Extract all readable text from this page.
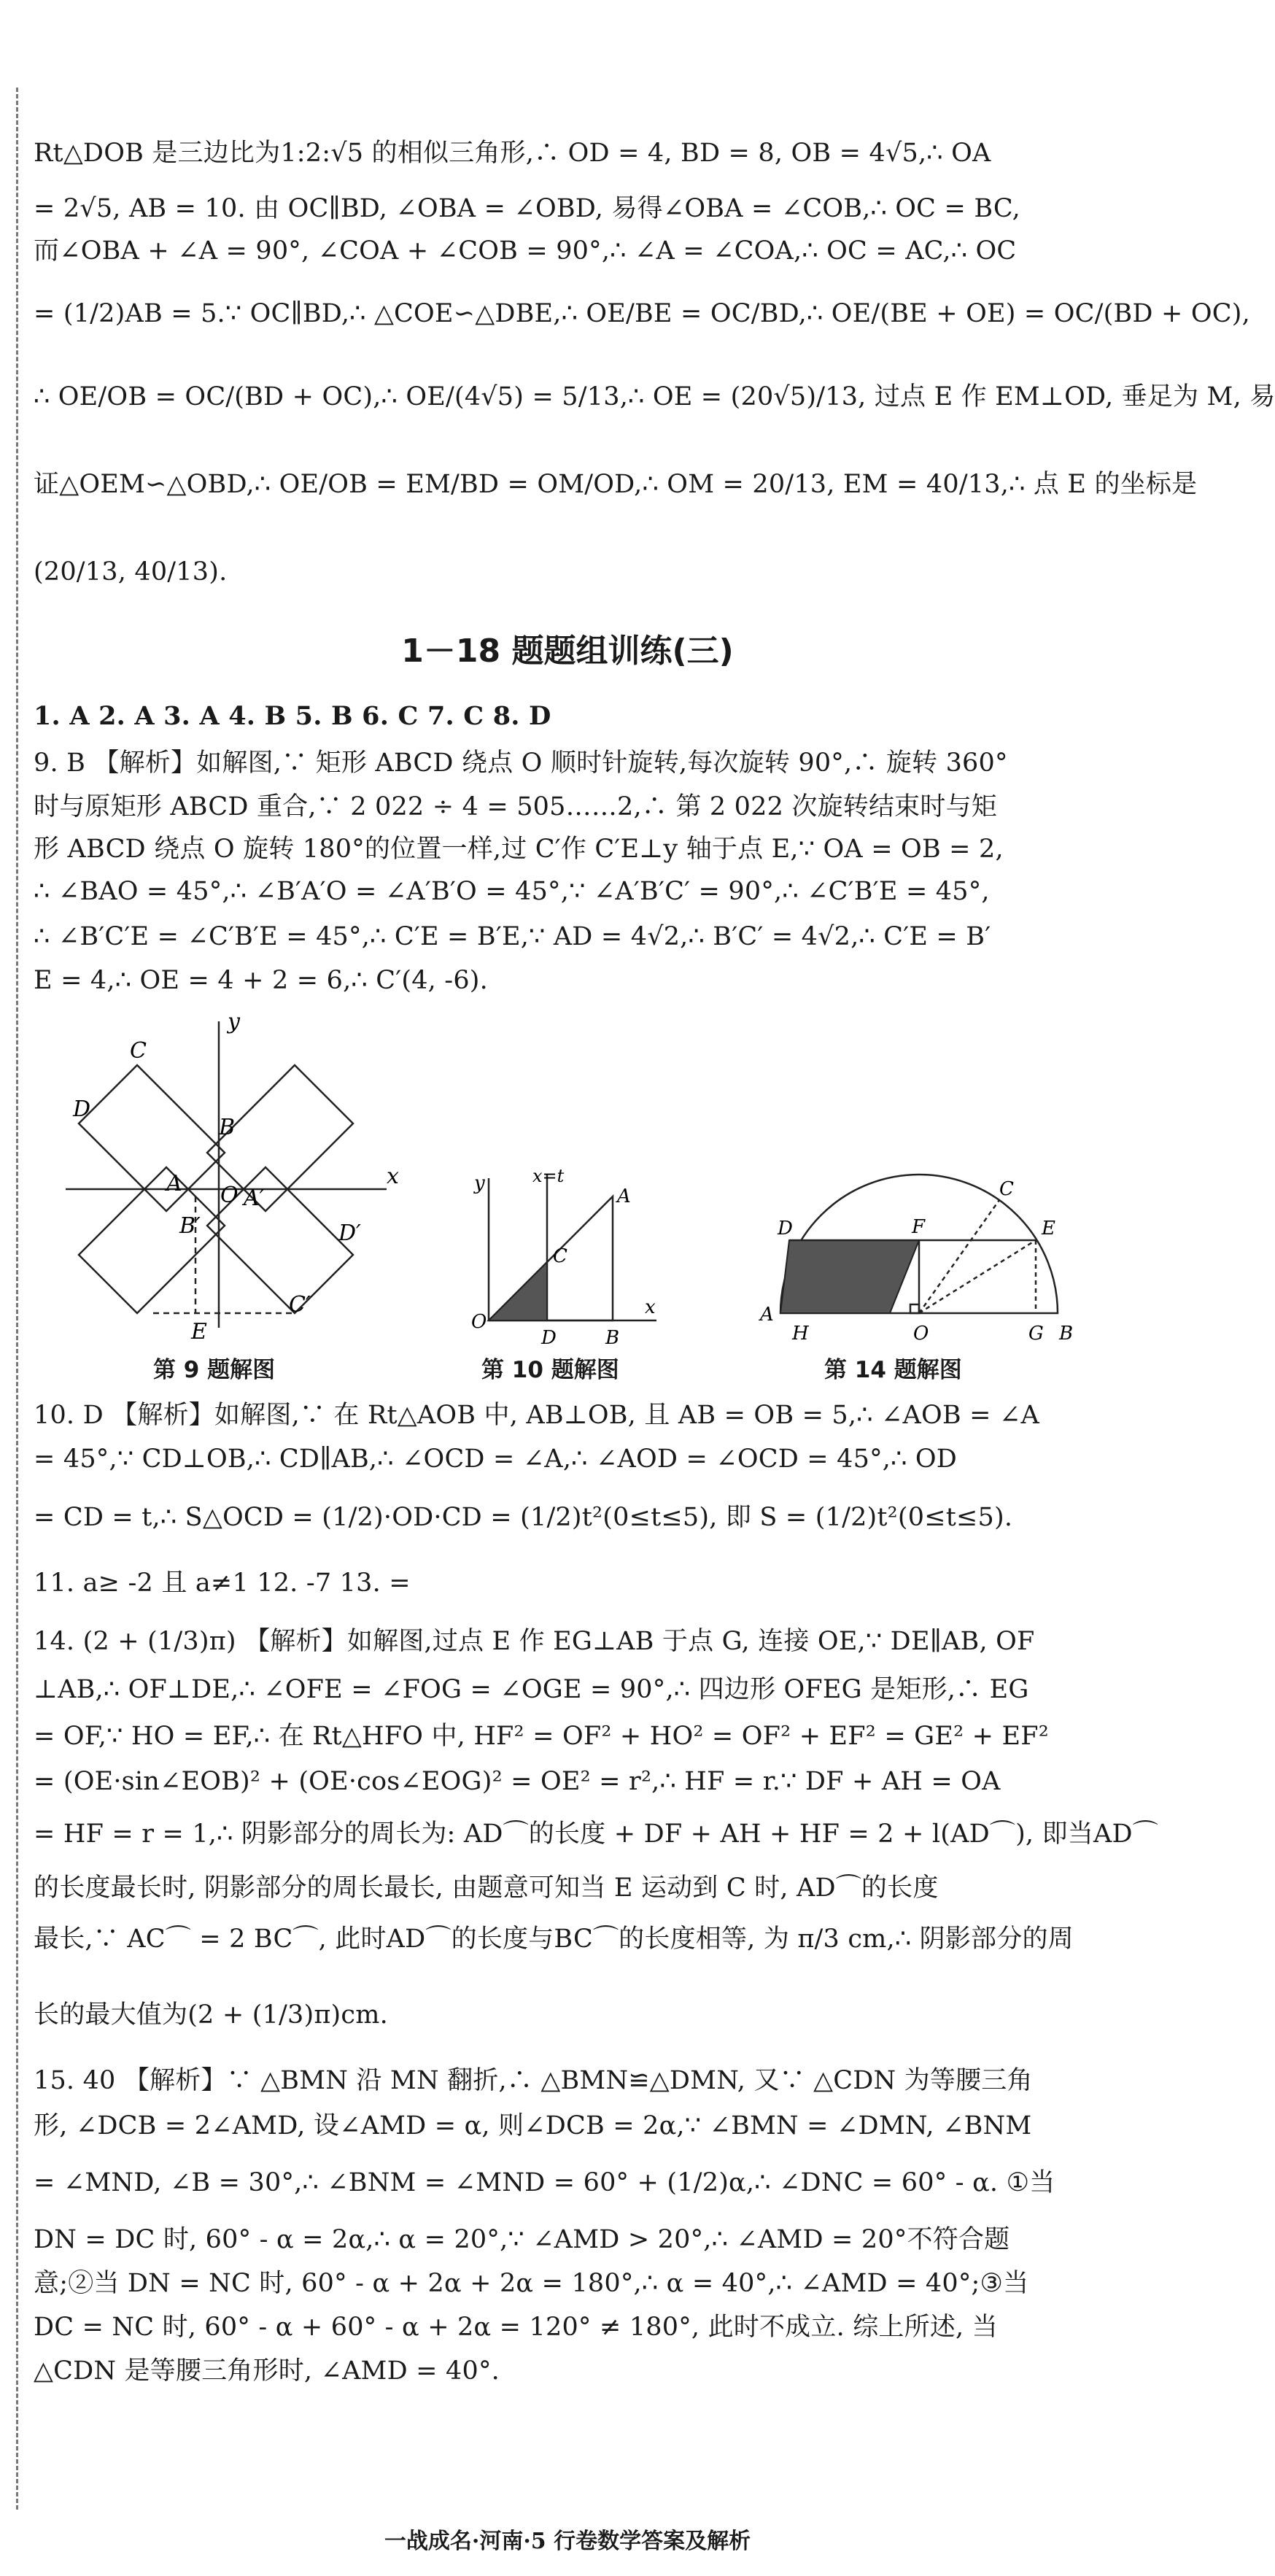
Rt△DOB 是三边比为1:2:√5 的相似三角形,∴ OD = 4, BD = 8, OB = 4√5,∴ OA
= 2√5, AB = 10. 由 OC∥BD, ∠OBA = ∠OBD, 易得∠OBA = ∠COB,∴ OC = BC,
而∠OBA + ∠A = 90°, ∠COA + ∠COB = 90°,∴ ∠A = ∠COA,∴ OC = AC,∴ OC
= (1/2)AB = 5.∵ OC∥BD,∴ △COE∽△DBE,∴ OE/BE = OC/BD,∴ OE/(BE + OE) = OC/(BD + OC),
∴ OE/OB = OC/(BD + OC),∴ OE/(4√5) = 5/13,∴ OE = (20√5)/13, 过点 E 作 EM⊥OD, 垂足为 M, 易
证△OEM∽△OBD,∴ OE/OB = EM/BD = OM/OD,∴ OM = 20/13, EM = 40/13,∴ 点 E 的坐标是
(20/13, 40/13).
1－18 题题组训练(三)
1. A 2. A 3. A 4. B 5. B 6. C 7. C 8. D
9. B 【解析】如解图,∵ 矩形 ABCD 绕点 O 顺时针旋转,每次旋转 90°,∴ 旋转 360°
时与原矩形 ABCD 重合,∵ 2 022 ÷ 4 = 505……2,∴ 第 2 022 次旋转结束时与矩
形 ABCD 绕点 O 旋转 180°的位置一样,过 C′作 C′E⊥y 轴于点 E,∵ OA = OB = 2,
∴ ∠BAO = 45°,∴ ∠B′A′O = ∠A′B′O = 45°,∵ ∠A′B′C′ = 90°,∴ ∠C′B′E = 45°,
∴ ∠B′C′E = ∠C′B′E = 45°,∴ C′E = B′E,∵ AD = 4√2,∴ B′C′ = 4√2,∴ C′E = B′
E = 4,∴ OE = 4 + 2 = 6,∴ C′(4, -6).
C
y
D
B
A O A′
x
B′	D′
E
C′
第 9 题解图
y	x=t
A
C
O
D	B
x
第 10 题解图
C
D	F	E
A
H	O	G B
第 14 题解图
10. D 【解析】如解图,∵ 在 Rt△AOB 中, AB⊥OB, 且 AB = OB = 5,∴ ∠AOB = ∠A
= 45°,∵ CD⊥OB,∴ CD∥AB,∴ ∠OCD = ∠A,∴ ∠AOD = ∠OCD = 45°,∴ OD
= CD = t,∴ S△OCD = (1/2)·OD·CD = (1/2)t²(0≤t≤5), 即 S = (1/2)t²(0≤t≤5).
11. a≥ -2 且 a≠1 12. -7 13. =
14. (2 + (1/3)π) 【解析】如解图,过点 E 作 EG⊥AB 于点 G, 连接 OE,∵ DE∥AB, OF
⊥AB,∴ OF⊥DE,∴ ∠OFE = ∠FOG = ∠OGE = 90°,∴ 四边形 OFEG 是矩形,∴ EG
= OF,∵ HO = EF,∴ 在 Rt△HFO 中, HF² = OF² + HO² = OF² + EF² = GE² + EF²
= (OE·sin∠EOB)² + (OE·cos∠EOG)² = OE² = r²,∴ HF = r.∵ DF + AH = OA
= HF = r = 1,∴ 阴影部分的周长为: AD⌒的长度 + DF + AH + HF = 2 + l(AD⌒), 即当AD⌒
的长度最长时, 阴影部分的周长最长, 由题意可知当 E 运动到 C 时, AD⌒的长度
最长,∵ AC⌒ = 2 BC⌒, 此时AD⌒的长度与BC⌒的长度相等, 为 π/3 cm,∴ 阴影部分的周
长的最大值为(2 + (1/3)π)cm.
15. 40 【解析】∵ △BMN 沿 MN 翻折,∴ △BMN≌△DMN, 又∵ △CDN 为等腰三角
形, ∠DCB = 2∠AMD, 设∠AMD = α, 则∠DCB = 2α,∵ ∠BMN = ∠DMN, ∠BNM
= ∠MND, ∠B = 30°,∴ ∠BNM = ∠MND = 60° + (1/2)α,∴ ∠DNC = 60° - α. ①当
DN = DC 时, 60° - α = 2α,∴ α = 20°,∵ ∠AMD > 20°,∴ ∠AMD = 20°不符合题
意;②当 DN = NC 时, 60° - α + 2α + 2α = 180°,∴ α = 40°,∴ ∠AMD = 40°;③当
DC = NC 时, 60° - α + 60° - α + 2α = 120° ≠ 180°, 此时不成立. 综上所述, 当
△CDN 是等腰三角形时, ∠AMD = 40°.
一战成名·河南·5 行卷数学答案及解析
